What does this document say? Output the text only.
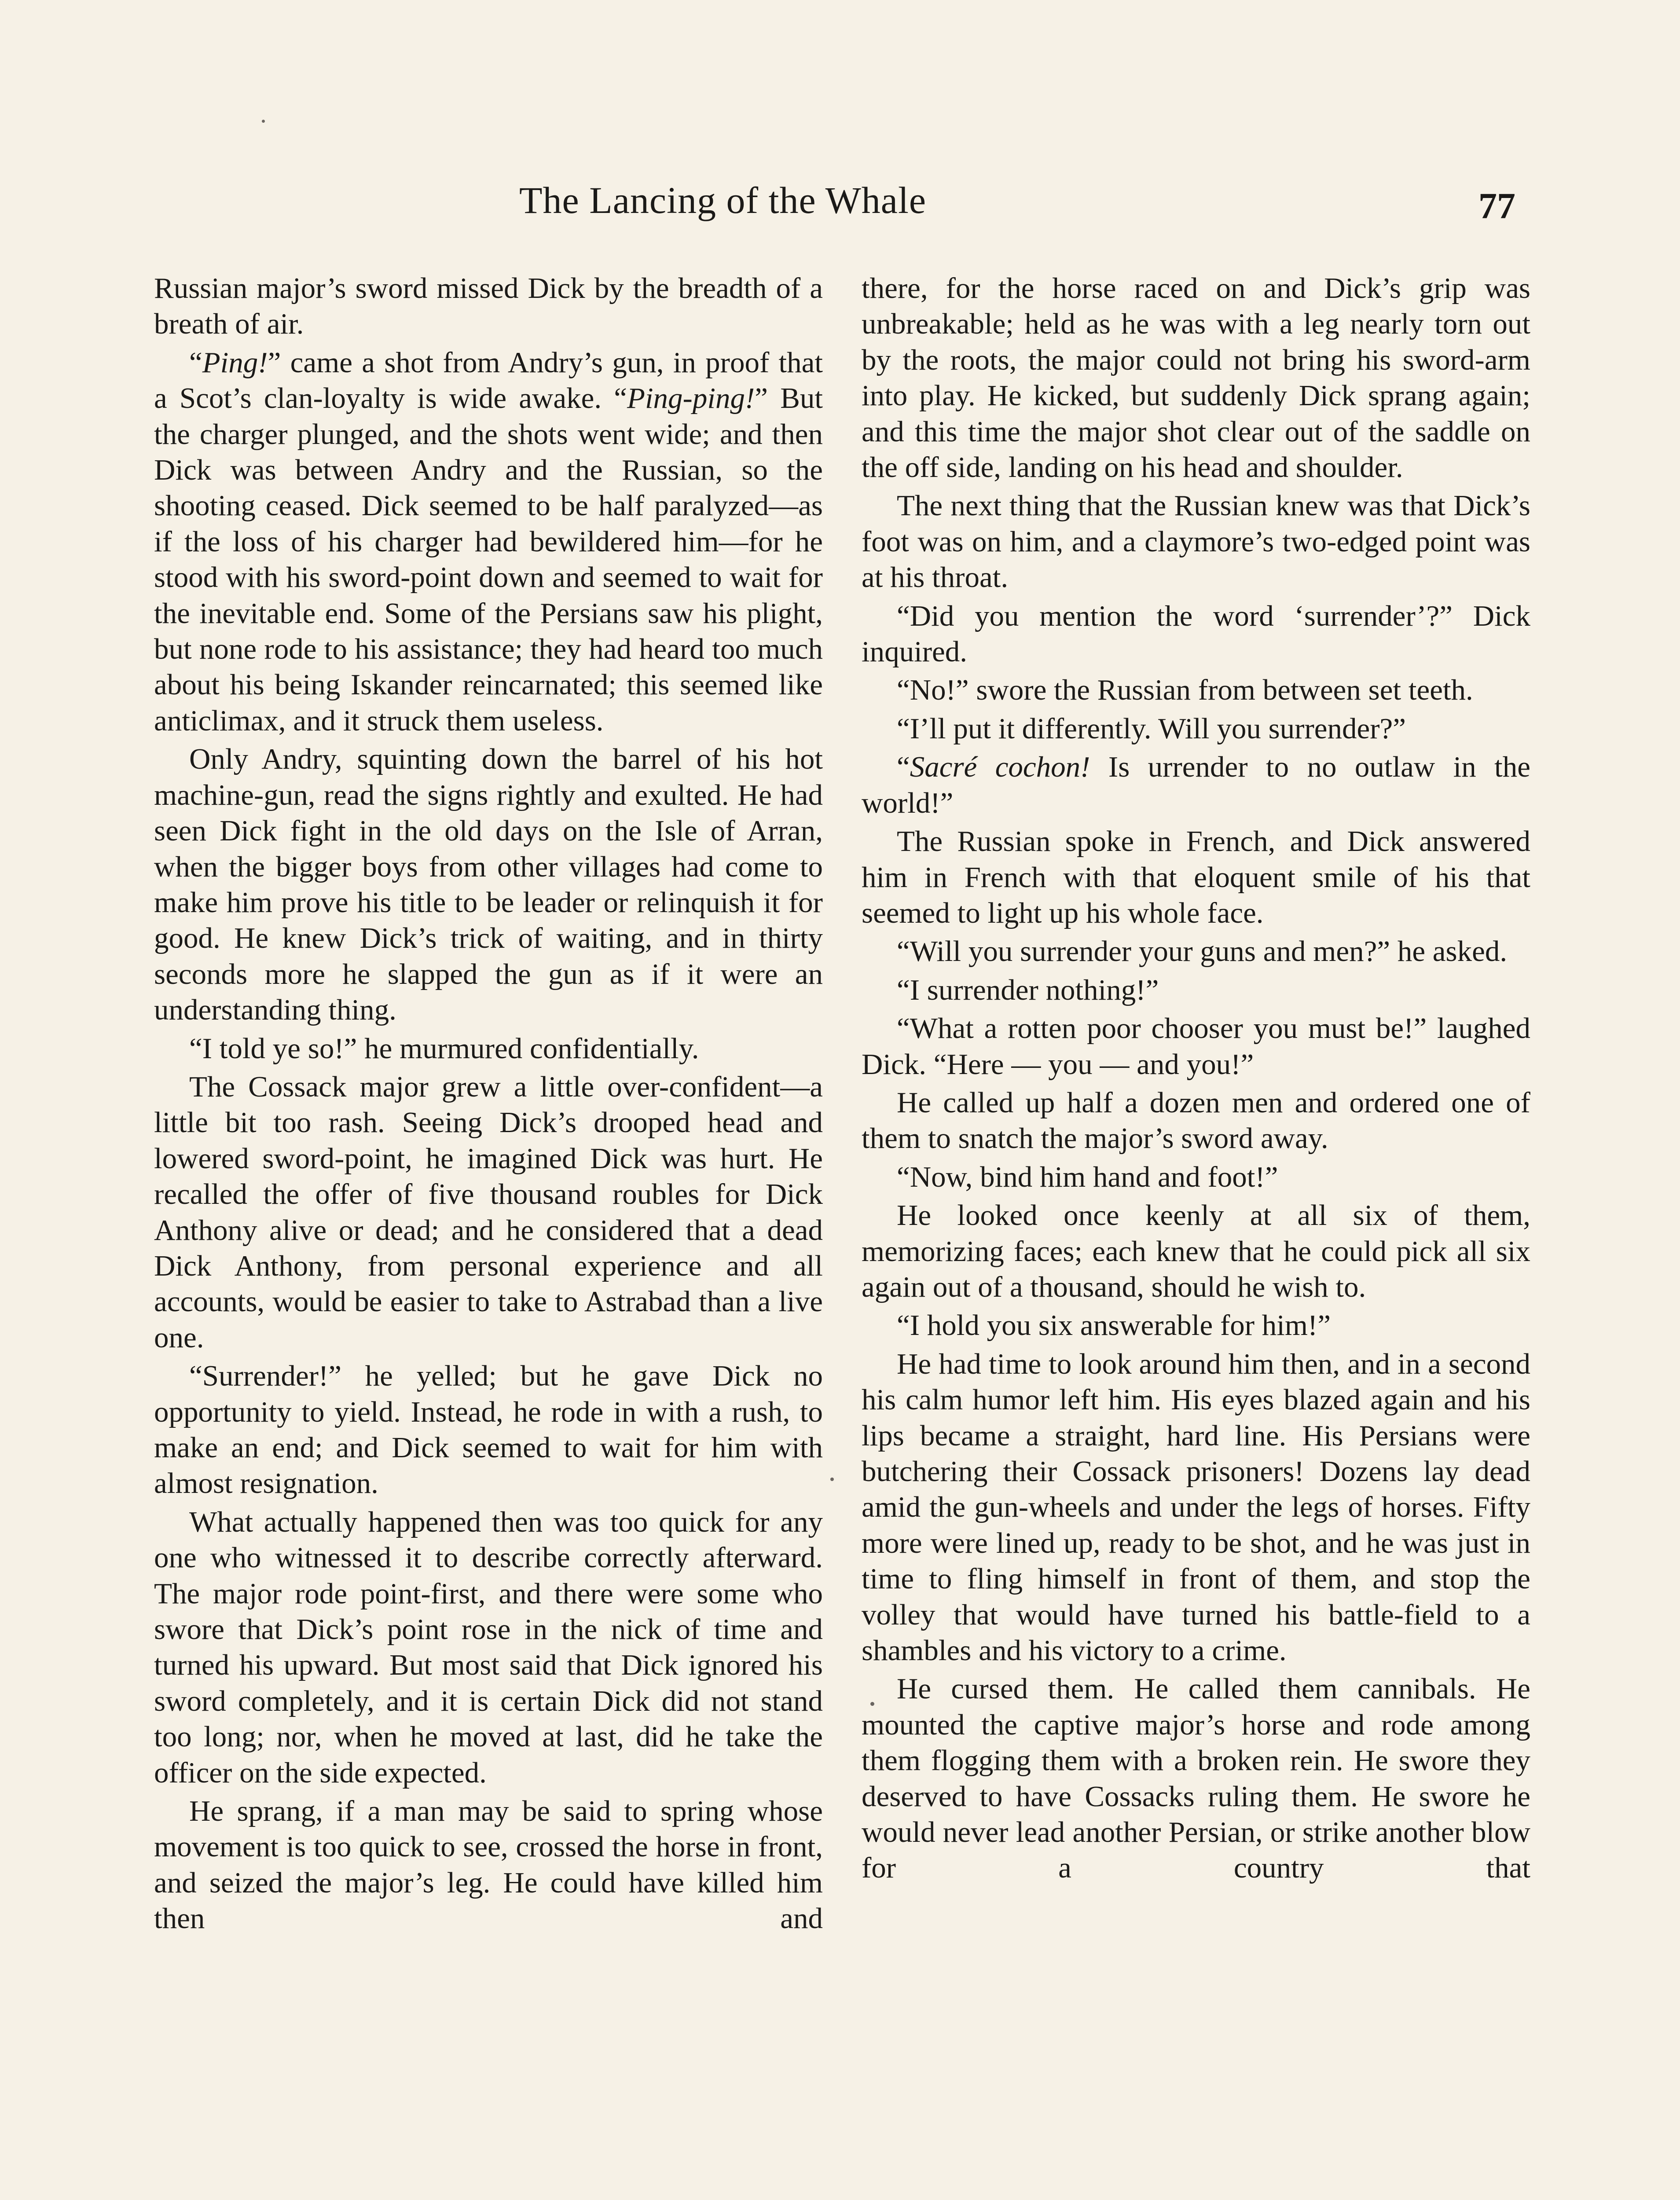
The Lancing of the Whale	77

Russian major’s sword missed Dick by the breadth of a breath of air.

“Ping!” came a shot from Andry’s gun, in proof that a Scot’s clan-loyalty is wide awake. “Ping-ping!” But the charger plunged, and the shots went wide; and then Dick was between Andry and the Russian, so the shooting ceased. Dick seemed to be half paralyzed—as if the loss of his charger had bewildered him—for he stood with his sword-point down and seemed to wait for the inevitable end. Some of the Persians saw his plight, but none rode to his assistance; they had heard too much about his being Iskander reincarnated; this seemed like anticlimax, and it struck them useless.

Only Andry, squinting down the barrel of his hot machine-gun, read the signs rightly and exulted. He had seen Dick fight in the old days on the Isle of Arran, when the bigger boys from other villages had come to make him prove his title to be leader or relinquish it for good. He knew Dick’s trick of waiting, and in thirty seconds more he slapped the gun as if it were an understanding thing.

“I told ye so!” he murmured confidentially.

The Cossack major grew a little over-confident—a little bit too rash. Seeing Dick’s drooped head and lowered sword-point, he imagined Dick was hurt. He recalled the offer of five thousand roubles for Dick Anthony alive or dead; and he considered that a dead Dick Anthony, from personal experience and all accounts, would be easier to take to Astrabad than a live one.

“Surrender!” he yelled; but he gave Dick no opportunity to yield. Instead, he rode in with a rush, to make an end; and Dick seemed to wait for him with almost resignation.

What actually happened then was too quick for any one who witnessed it to describe correctly afterward. The major rode point-first, and there were some who swore that Dick’s point rose in the nick of time and turned his upward. But most said that Dick ignored his sword completely, and it is certain Dick did not stand too long; nor, when he moved at last, did he take the officer on the side expected.

He sprang, if a man may be said to spring whose movement is too quick to see, crossed the horse in front, and seized the major’s leg. He could have killed him then and

there, for the horse raced on and Dick’s grip was unbreakable; held as he was with a leg nearly torn out by the roots, the major could not bring his sword-arm into play. He kicked, but suddenly Dick sprang again; and this time the major shot clear out of the saddle on the off side, landing on his head and shoulder.

The next thing that the Russian knew was that Dick’s foot was on him, and a claymore’s two-edged point was at his throat.

“Did you mention the word ‘surrender’?” Dick inquired.

“No!” swore the Russian from between set teeth.

“I’ll put it differently. Will you surrender?”

“Sacré cochon! Is urrender to no outlaw in the world!”

The Russian spoke in French, and Dick answered him in French with that eloquent smile of his that seemed to light up his whole face.

“Will you surrender your guns and men?” he asked.

“I surrender nothing!”

“What a rotten poor chooser you must be!” laughed Dick. “Here — you — and you!”

He called up half a dozen men and ordered one of them to snatch the major’s sword away.

“Now, bind him hand and foot!”

He looked once keenly at all six of them, memorizing faces; each knew that he could pick all six again out of a thousand, should he wish to.

“I hold you six answerable for him!”

He had time to look around him then, and in a second his calm humor left him. His eyes blazed again and his lips became a straight, hard line. His Persians were butchering their Cossack prisoners! Dozens lay dead amid the gun-wheels and under the legs of horses. Fifty more were lined up, ready to be shot, and he was just in time to fling himself in front of them, and stop the volley that would have turned his battle-field to a shambles and his victory to a crime.

He cursed them. He called them cannibals. He mounted the captive major’s horse and rode among them flogging them with a broken rein. He swore they deserved to have Cossacks ruling them. He swore he would never lead another Persian, or strike another blow for a country that
